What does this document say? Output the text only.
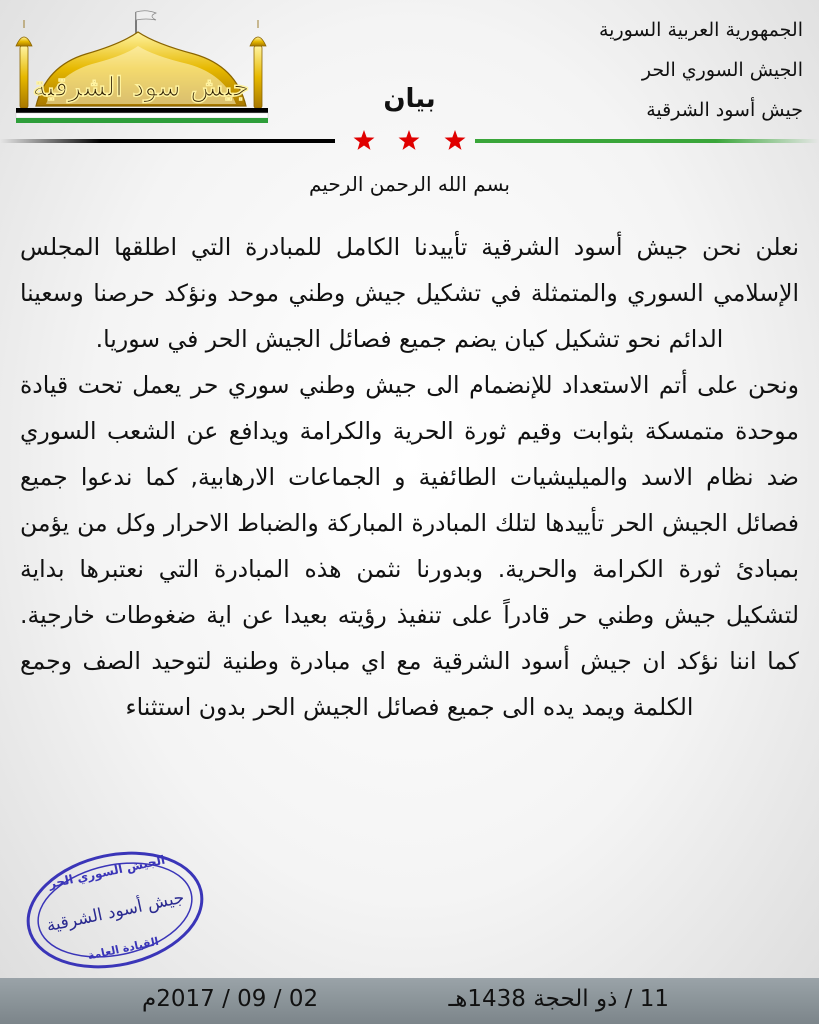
الجمهورية العربية السورية
الجيش السوري الحر
جيش أسود الشرقية
جيش سود الشرقية	بيان
بسم الله الرحمن الرحيم

نعلن نحن جيش أسود الشرقية تأييدنا الكامل للمبادرة التي اطلقها المجلس الإسلامي السوري والمتمثلة في تشكيل جيش وطني موحد ونؤكد حرصنا وسعينا الدائم نحو تشكيل كيان يضم جميع فصائل الجيش الحر في سوريا.

ونحن على أتم الاستعداد للإنضمام الى جيش وطني سوري حر يعمل تحت قيادة موحدة متمسكة بثوابت وقيم ثورة الحرية والكرامة ويدافع عن الشعب السوري ضد نظام الاسد والميليشيات الطائفية و الجماعات الارهابية, كما ندعوا جميع فصائل الجيش الحر تأييدها لتلك المبادرة المباركة والضباط الاحرار وكل من يؤمن بمبادئ ثورة الكرامة والحرية. وبدورنا نثمن هذه المبادرة التي نعتبرها بداية لتشكيل جيش وطني حر قادراً على تنفيذ رؤيته بعيدا عن اية ضغوطات خارجية. كما اننا نؤكد ان جيش أسود الشرقية مع اي مبادرة وطنية لتوحيد الصف وجمع الكلمة ويمد يده الى جميع فصائل الجيش الحر بدون استثناء

الجيش السوري الحر
جيش أسود الشرقية
القيادة العامة
11 / ذو الحجة 1438هـ
02 / 09 / 2017م
